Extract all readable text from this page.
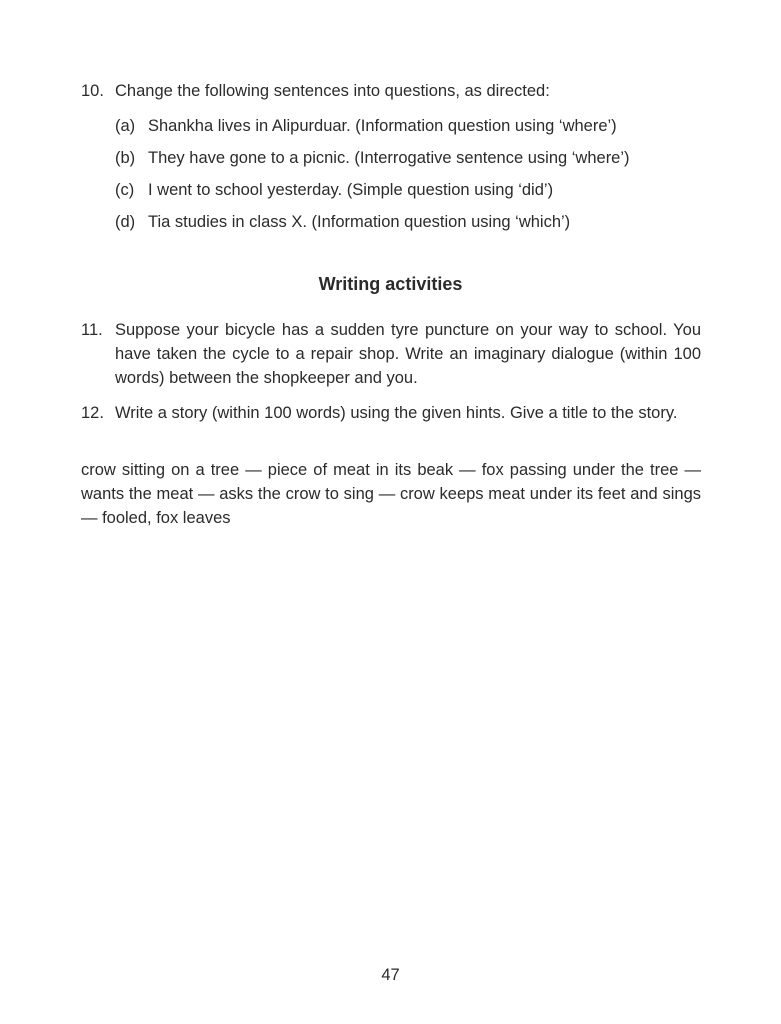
10. Change the following sentences into questions, as directed:
(a) Shankha lives in Alipurduar. (Information question using ‘where’)
(b) They have gone to a picnic. (Interrogative sentence using ‘where’)
(c) I went to school yesterday. (Simple question using ‘did’)
(d) Tia studies in class X. (Information question using ‘which’)
Writing activities
11. Suppose your bicycle has a sudden tyre puncture on your way to school. You have taken the cycle to a repair shop. Write an imaginary dialogue (within 100 words) between the shopkeeper and you.
12. Write a story (within 100 words) using the given hints. Give a title to the story.
crow sitting on a tree — piece of meat in its beak — fox passing under the tree — wants the meat — asks the crow to sing — crow keeps meat under its feet and sings — fooled, fox leaves
47
